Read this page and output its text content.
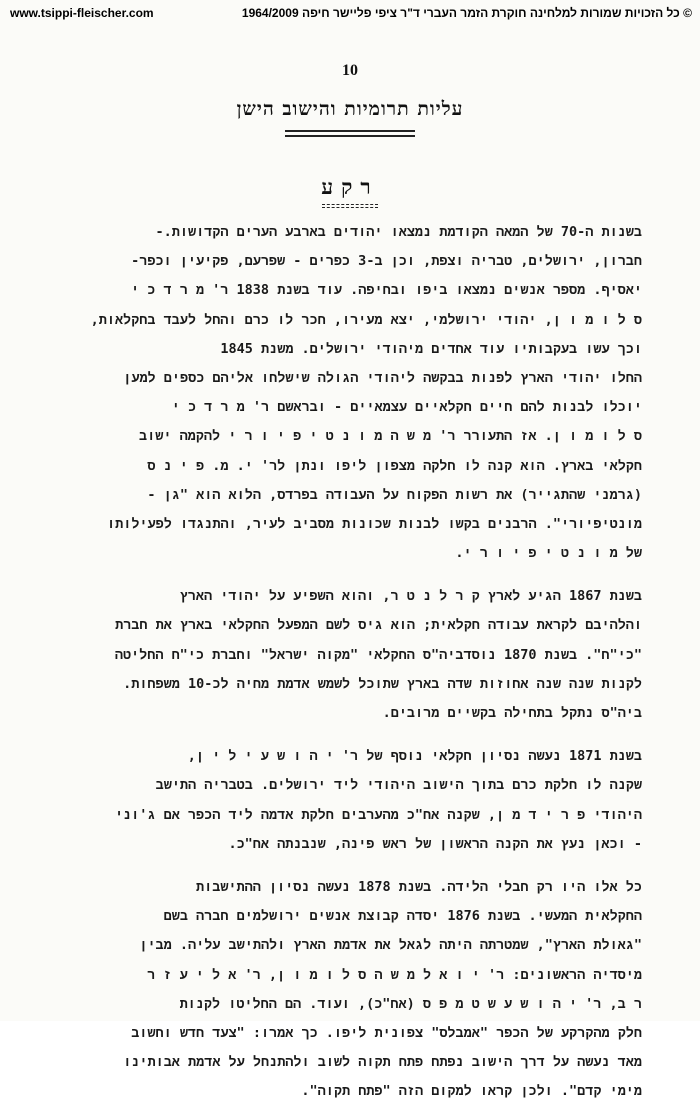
www.tsippi-fleischer.com	© כל הזכויות שמורות למלחינה חוקרת הזמר העברי ד"ר ציפי פליישר חיפה 1964/2009
10
עליות תרומיות והישוב הישן
רקע
בשנות ה-70 של המאה הקודמת נמצאו יהודים בארבע הערים הקדושות.-
חברון, ירושלים, טבריה וצפת, וכן ב-3 כפרים - שפרעם, פקיעין וכפר-
יאסיף. מספר אנשים נמצאו ביפו ובחיפה. עוד בשנת 1838 ר' מ ר ד כ י
ס ל ו מ ו ן, יהודי ירושלמי, יצא מעירו, חכר לו כרם והחל לעבד בחקלאות,
וכך עשו בעקבותיו עוד אחדים מיהודי ירושלים. משנת 1845
החלו יהודי הארץ לפנות בבקשה ליהודי הגולה שישלחו אליהם כספים למען
יוכלו לבנות להם חיים חקלאיים עצמאיים - ובראשם ר' מ ר ד כ י
ס ל ו מ ו ן. אז התעורר ר' מ ש ה מ ו נ ט י פ י ו ר י להקמה ישוב
חקלאי בארץ. הוא קנה לו חלקה מצפון ליפו ונתן לר' י. מ. פ י נ ס
(גרמני שהתגייר) את רשות הפקוח על העבודה בפרדס, הלוא הוא "גן -
מונטיפיורי". הרבנים בקשו לבנות שכונות מסביב לעיר, והתנגדו לפעילותו
של מ ו נ ט י פ י ו ר י.
בשנת 1867 הגיע לארץ ק ר ל נ ט ר, והוא השפיע על יהודי הארץ
והלהיבם לקראת עבודה חקלאית; הוא גיס לשם המפעל החקלאי בארץ את חברת
"כי"ח". בשנת 1870 נוסדביה"ס החקלאי "מקוה ישראל" וחברת כי"ח החליטה
לקנות שנה שנה אחוזות שדה בארץ שתוכל לשמש אדמת מחיה לכ-10 משפחות.
ביה"ס נתקל בתחילה בקשיים מרובים.
בשנת 1871 נעשה נסיון חקלאי נוסף של ר' י ה ו ש ע י ל י ן,
שקנה לו חלקת כרם בתוך הישוב היהודי ליד ירושלים. בטבריה התישב
היהודי פ ר י ד מ ן, שקנה אח"כ מהערבים חלקת אדמה ליד הכפר אם ג'וני
- וכאן נעץ את הקנה הראשון של ראש פינה, שנבנתה אח"כ.
כל אלו היו רק חבלי הלידה. בשנת 1878 נעשה נסיון ההתישבות
החקלאית המעשי. בשנת 1876 יסדה קבוצת אנשים ירושלמים חברה בשם
"גאולת הארץ", שמטרתה היתה לגאל את אדמת הארץ ולהתישב עליה. מבין
מיסדיה הראשונים: ר' י ו א ל מ ש ה ס ל ו מ ו ן, ר' א ל י ע ז ר
ר ב, ר' י ה ו ש ע ש ט מ פ ס (אח"כ), ועוד. הם החליטו לקנות
חלק מהקרקע של הכפר "אמבלס" צפונית ליפו. כך אמרו: "צעד חדש וחשוב
מאד נעשה על דרך הישוב נפתח פתח תקוה לשוב ולהתנחל על אדמת אבותינו
מימי קדם". ולכן קראו למקום הזה "פתח תקוה".
